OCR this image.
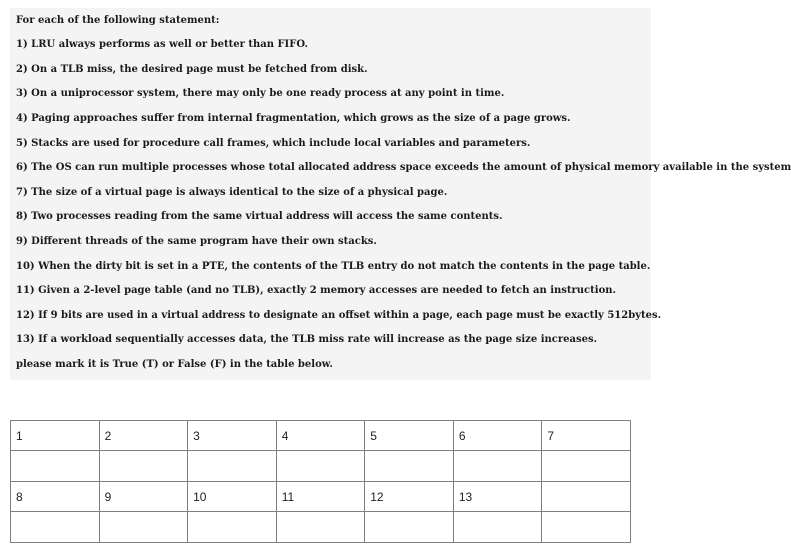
For each of the following statement:
1) LRU always performs as well or better than FIFO.
2) On a TLB miss, the desired page must be fetched from disk.
3) On a uniprocessor system, there may only be one ready process at any point in time.
4) Paging approaches suffer from internal fragmentation, which grows as the size of a page grows.
5) Stacks are used for procedure call frames, which include local variables and parameters.
6) The OS can run multiple processes whose total allocated address space exceeds the amount of physical memory available in the system
7) The size of a virtual page is always identical to the size of a physical page.
8) Two processes reading from the same virtual address will access the same contents.
9) Different threads of the same program have their own stacks.
10) When the dirty bit is set in a PTE, the contents of the TLB entry do not match the contents in the page table.
11) Given a 2-level page table (and no TLB), exactly 2 memory accesses are needed to fetch an instruction.
12) If 9 bits are used in a virtual address to designate an offset within a page, each page must be exactly 512bytes.
13) If a workload sequentially accesses data, the TLB miss rate will increase as the page size increases.
please mark it is True (T) or False (F) in the table below.
1	2	3	4	5	6	7

8	9	10	11	12	13	
